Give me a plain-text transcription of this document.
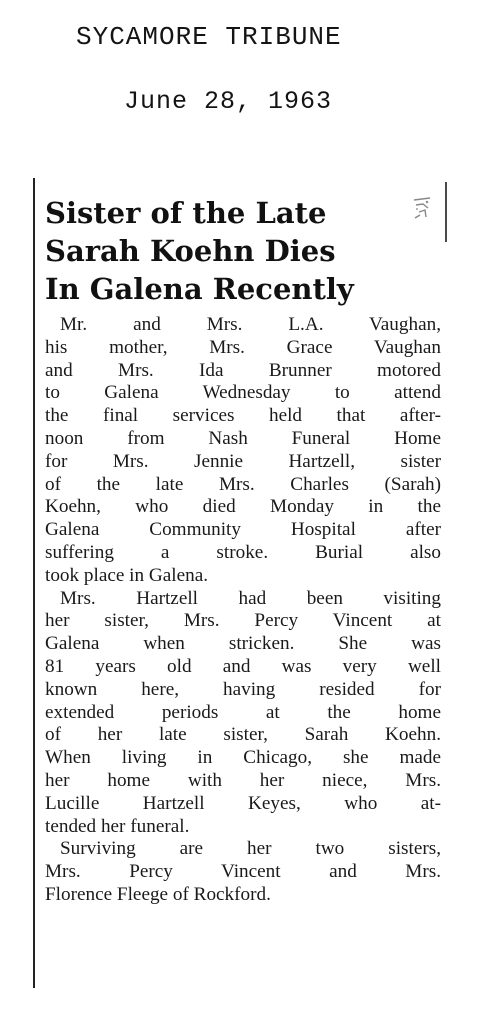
SYCAMORE TRIBUNE
June 28, 1963
Sister of the Late
Sarah Koehn Dies
In Galena Recently
Mr. and Mrs. L.A. Vaughan,
his mother, Mrs. Grace Vaughan
and Mrs. Ida Brunner motored
to Galena Wednesday to attend
the final services held that after-
noon from Nash Funeral Home
for Mrs. Jennie Hartzell, sister
of the late Mrs. Charles (Sarah)
Koehn, who died Monday in the
Galena Community Hospital after
suffering a stroke. Burial also
took place in Galena.
Mrs. Hartzell had been visiting
her sister, Mrs. Percy Vincent at
Galena when stricken. She was
81 years old and was very well
known here, having resided for
extended periods at the home
of her late sister, Sarah Koehn.
When living in Chicago, she made
her home with her niece, Mrs.
Lucille Hartzell Keyes, who at-
tended her funeral.
Surviving are her two sisters,
Mrs. Percy Vincent and Mrs.
Florence Fleege of Rockford.
